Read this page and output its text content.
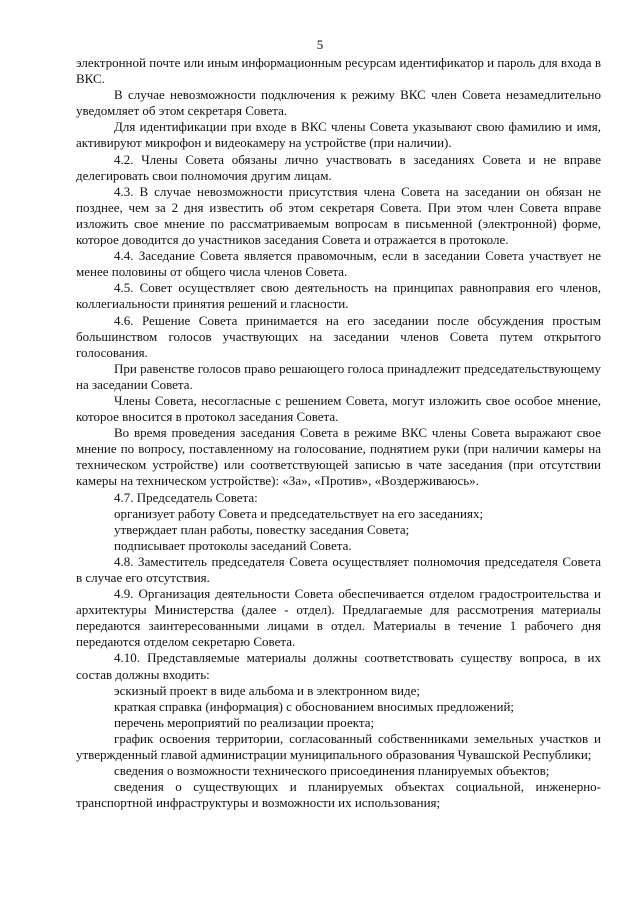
5

электронной почте или иным информационным ресурсам идентификатор и пароль для входа в ВКС.

В случае невозможности подключения к режиму ВКС член Совета незамедлительно уведомляет об этом секретаря Совета.

Для идентификации при входе в ВКС члены Совета указывают свою фамилию и имя, активируют микрофон и видеокамеру на устройстве (при наличии).

4.2. Члены Совета обязаны лично участвовать в заседаниях Совета и не вправе делегировать свои полномочия другим лицам.

4.3. В случае невозможности присутствия члена Совета на заседании он обязан не позднее, чем за 2 дня известить об этом секретаря Совета. При этом член Совета вправе изложить свое мнение по рассматриваемым вопросам в письменной (электронной) форме, которое доводится до участников заседания Совета и отражается в протоколе.

4.4. Заседание Совета является правомочным, если в заседании Совета участвует не менее половины от общего числа членов Совета.

4.5. Совет осуществляет свою деятельность на принципах равноправия его членов, коллегиальности принятия решений и гласности.

4.6. Решение Совета принимается на его заседании после обсуждения простым большинством голосов участвующих на заседании членов Совета путем открытого голосования.

При равенстве голосов право решающего голоса принадлежит председательствующему на заседании Совета.

Члены Совета, несогласные с решением Совета, могут изложить свое особое мнение, которое вносится в протокол заседания Совета.

Во время проведения заседания Совета в режиме ВКС члены Совета выражают свое мнение по вопросу, поставленному на голосование, поднятием руки (при наличии камеры на техническом устройстве) или соответствующей записью в чате заседания (при отсутствии камеры на техническом устройстве): «За», «Против», «Воздерживаюсь».

4.7. Председатель Совета:

организует работу Совета и председательствует на его заседаниях;

утверждает план работы, повестку заседания Совета;

подписывает протоколы заседаний Совета.

4.8. Заместитель председателя Совета осуществляет полномочия председателя Совета в случае его отсутствия.

4.9. Организация деятельности Совета обеспечивается отделом градостроительства и архитектуры Министерства (далее - отдел). Предлагаемые для рассмотрения материалы передаются заинтересованными лицами в отдел. Материалы в течение 1 рабочего дня передаются отделом секретарю Совета.

4.10. Представляемые материалы должны соответствовать существу вопроса, в их состав должны входить:

эскизный проект в виде альбома и в электронном виде;

краткая справка (информация) с обоснованием вносимых предложений;

перечень мероприятий по реализации проекта;

график освоения территории, согласованный собственниками земельных участков и утвержденный главой администрации муниципального образования Чувашской Республики;

сведения о возможности технического присоединения планируемых объектов;

сведения о существующих и планируемых объектах социальной, инженерно-транспортной инфраструктуры и возможности их использования;
